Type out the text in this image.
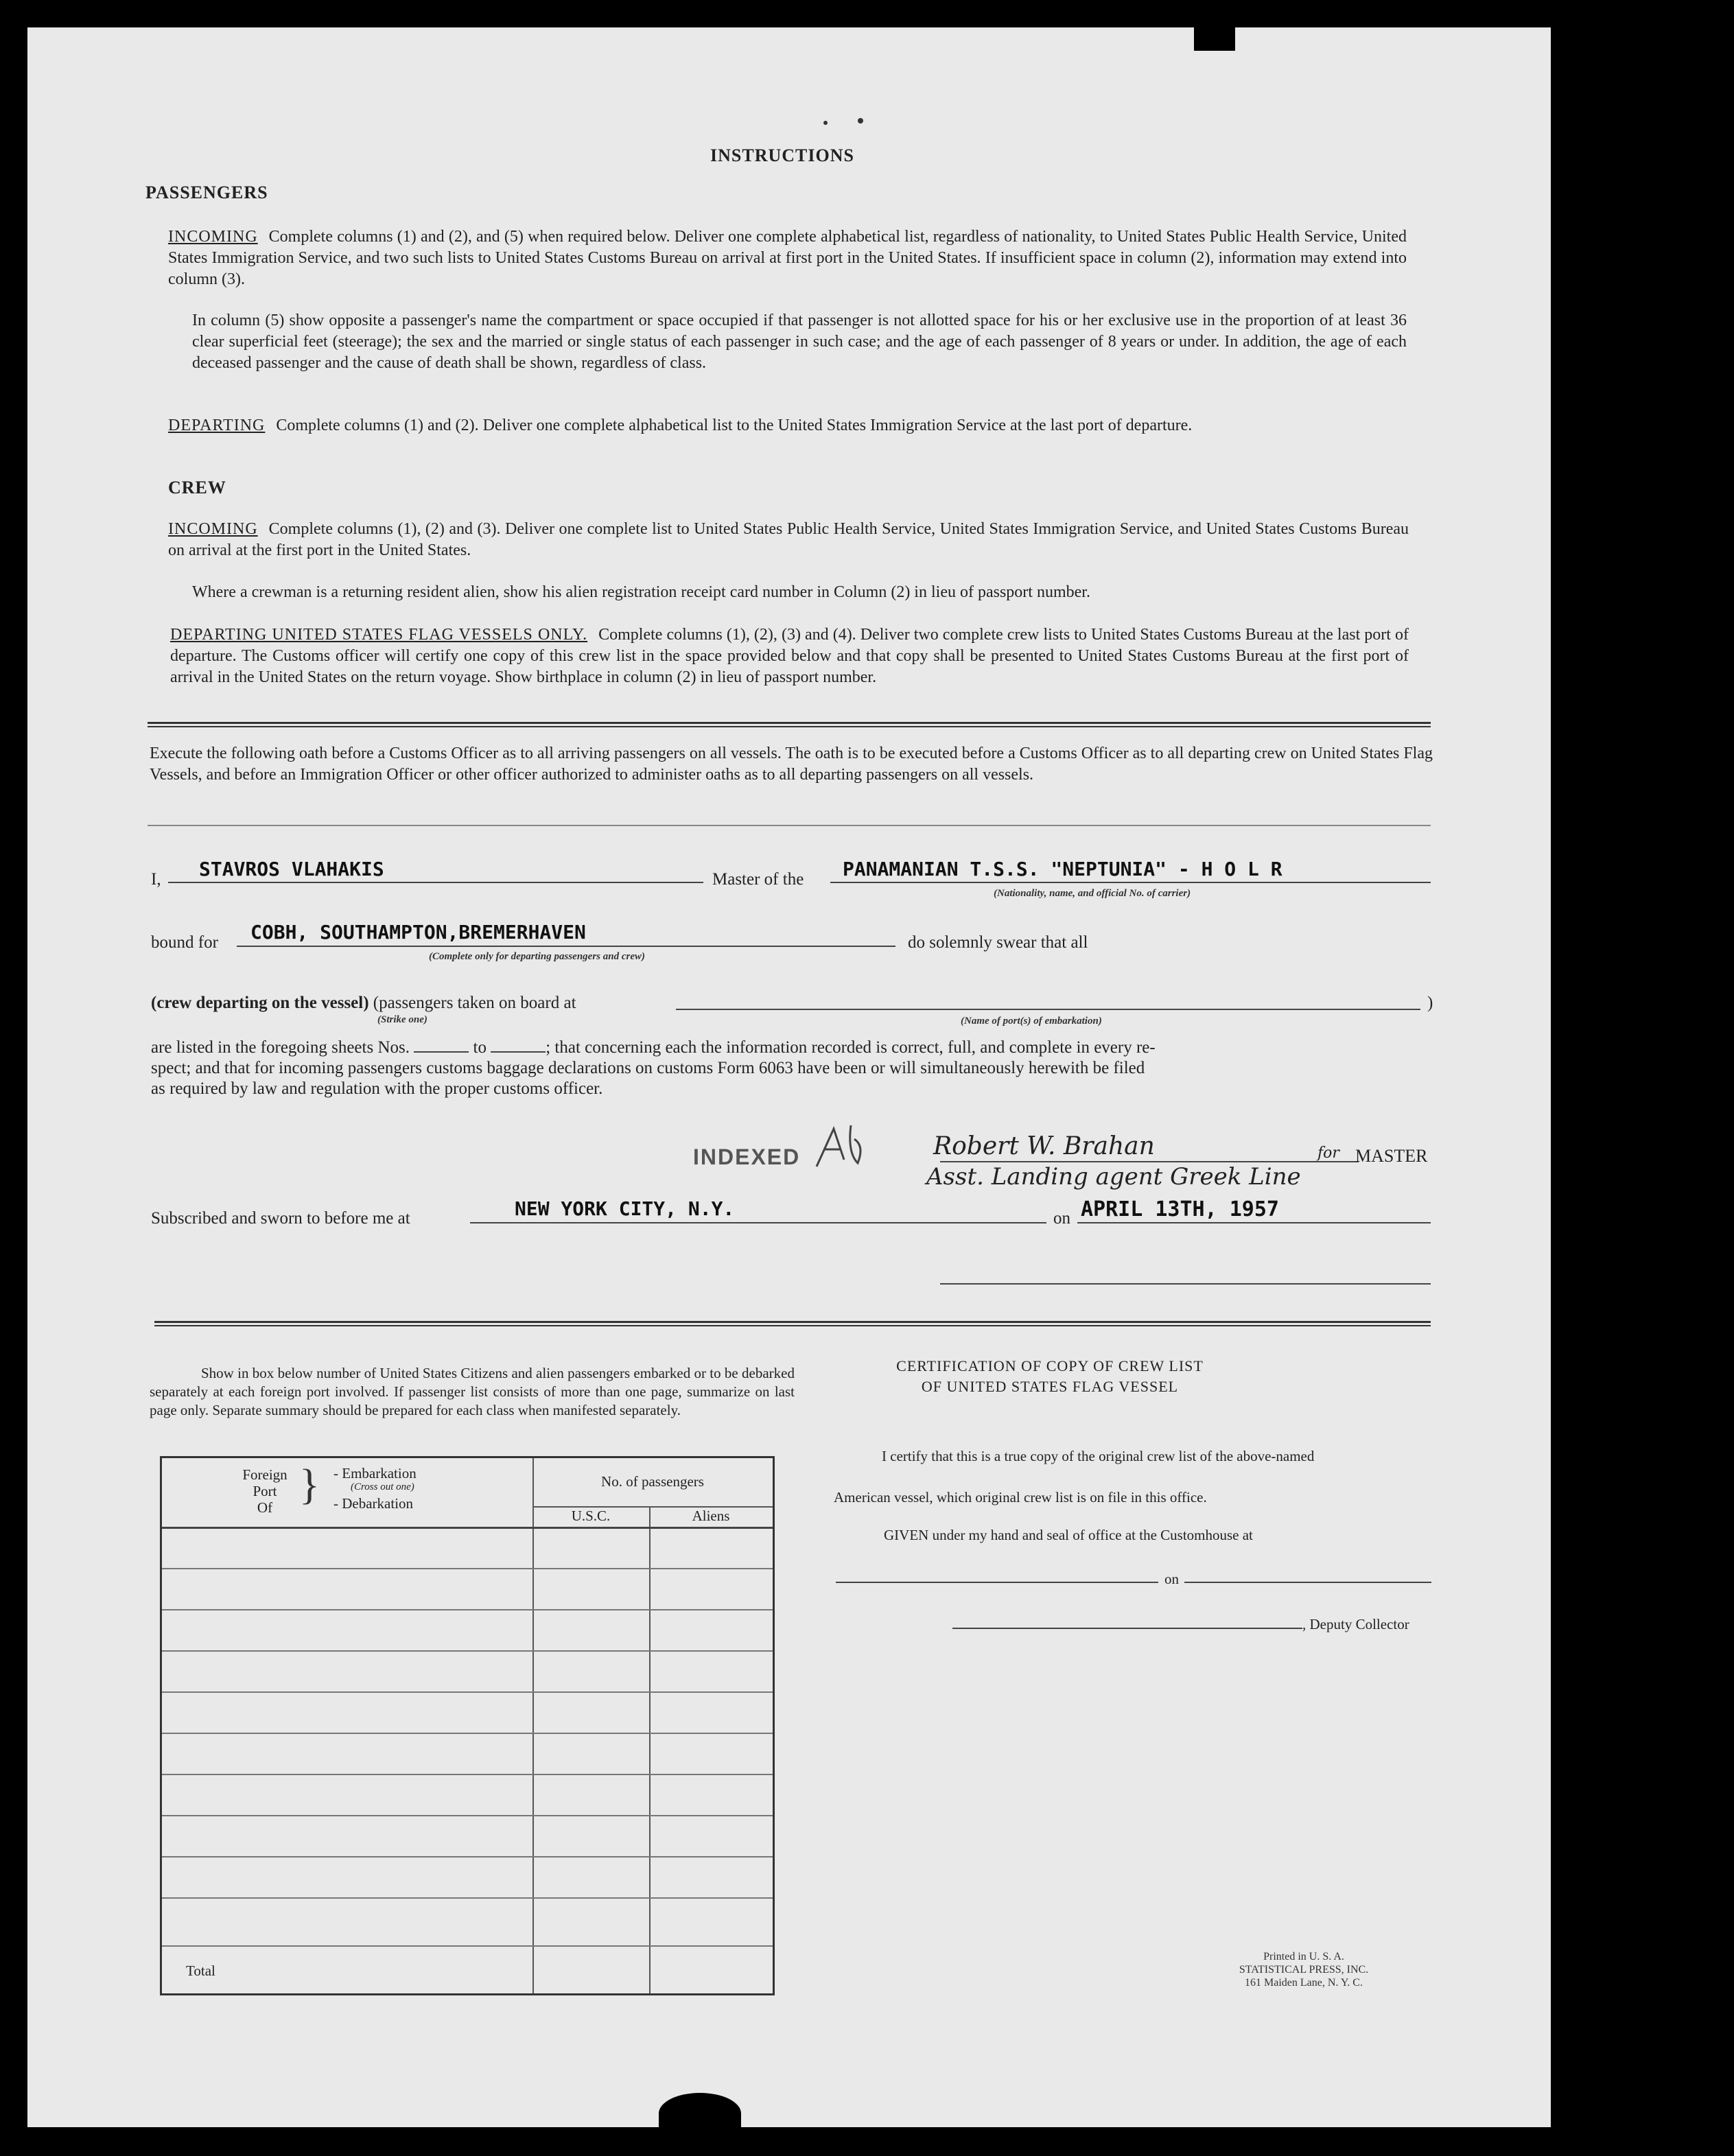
INSTRUCTIONS
PASSENGERS
INCOMING Complete columns (1) and (2), and (5) when required below. Deliver one complete alphabetical list, regardless of nationality, to United States Public Health Service, United States Immigration Service, and two such lists to United States Customs Bureau on arrival at first port in the United States. If insufficient space in column (2), information may extend into column (3).
In column (5) show opposite a passenger's name the compartment or space occupied if that passenger is not allotted space for his or her exclusive use in the proportion of at least 36 clear superficial feet (steerage); the sex and the married or single status of each passenger in such case; and the age of each passenger of 8 years or under. In addition, the age of each deceased passenger and the cause of death shall be shown, regardless of class.
DEPARTING Complete columns (1) and (2). Deliver one complete alphabetical list to the United States Immigration Service at the last port of departure.
CREW
INCOMING Complete columns (1), (2) and (3). Deliver one complete list to United States Public Health Service, United States Immigration Service, and United States Customs Bureau on arrival at the first port in the United States.
Where a crewman is a returning resident alien, show his alien registration receipt card number in Column (2) in lieu of passport number.
DEPARTING UNITED STATES FLAG VESSELS ONLY. Complete columns (1), (2), (3) and (4). Deliver two complete crew lists to United States Customs Bureau at the last port of departure. The Customs officer will certify one copy of this crew list in the space provided below and that copy shall be presented to United States Customs Bureau at the first port of arrival in the United States on the return voyage. Show birthplace in column (2) in lieu of passport number.
Execute the following oath before a Customs Officer as to all arriving passengers on all vessels. The oath is to be executed before a Customs Officer as to all departing crew on United States Flag Vessels, and before an Immigration Officer or other officer authorized to administer oaths as to all departing passengers on all vessels.
I, STAVROS VLAHAKIS	Master of the PANAMANIAN T.S.S. "NEPTUNIA" - H O L R
(Nationality, name, and official No. of carrier)
bound for COBH, SOUTHAMPTON,BREMERHAVEN
(Complete only for departing passengers and crew)
do solemnly swear that all
(crew departing on the vessel) (passengers taken on board at	)
(Strike one)	(Name of port(s) of embarkation)
are listed in the foregoing sheets Nos.	to	; that concerning each the information recorded is correct, full, and complete in every re-
spect; and that for incoming passengers customs baggage declarations on customs Form 6063 have been or will simultaneously herewith be filed
as required by law and regulation with the proper customs officer.
INDEXED	Robert W. Brahan
Asst. Landing agent Greek Line
for MASTER
Subscribed and sworn to before me at	NEW YORK CITY, N.Y.	on APRIL 13TH, 1957
Show in box below number of United States Citizens and alien passengers embarked or to be debarked separately at each foreign port involved. If passenger list consists of more than one page, summarize on last page only. Separate summary should be prepared for each class when manifested separately.
Foreign
Port
Of } - Embarkation
(Cross out one)
- Debarkation
No. of passengers
U.S.C.	Aliens
Total
CERTIFICATION OF COPY OF CREW LIST
OF UNITED STATES FLAG VESSEL
I certify that this is a true copy of the original crew list of the above-named
American vessel, which original crew list is on file in this office.
GIVEN under my hand and seal of office at the Customhouse at
on
, Deputy Collector
Printed in U. S. A.
STATISTICAL PRESS, INC.
161 Maiden Lane, N. Y. C.
